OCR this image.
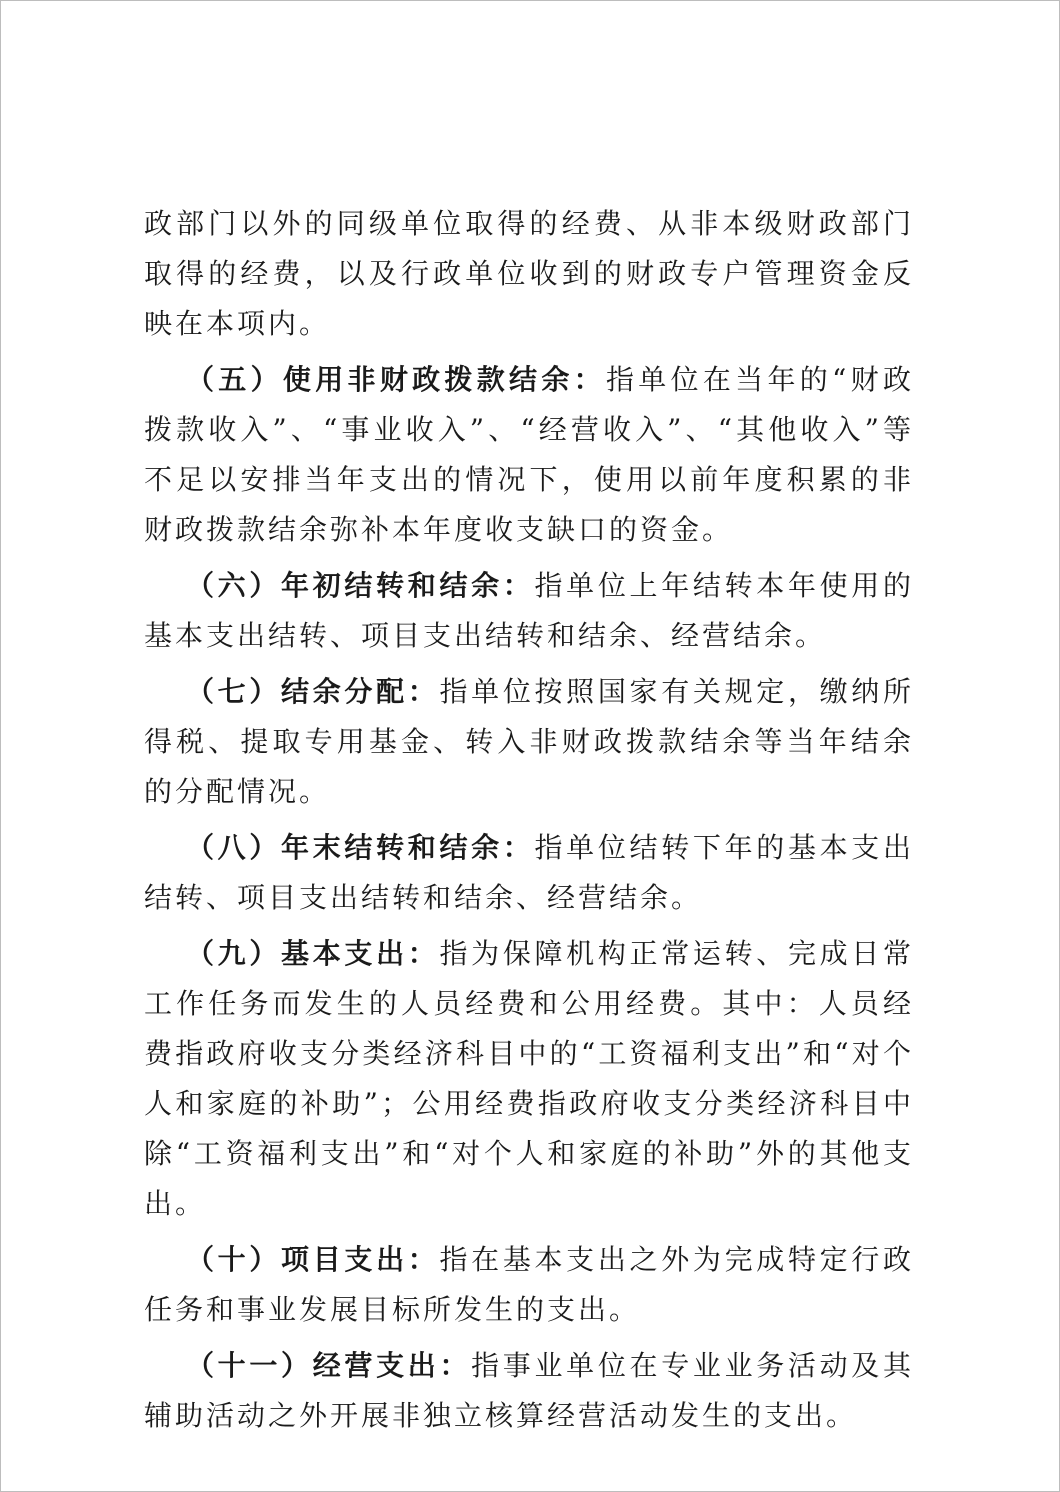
政部门以外的同级单位取得的经费、从非本级财政部门取得的经费，以及行政单位收到的财政专户管理资金反映在本项内。

（五）使用非财政拨款结余：指单位在当年的“财政拨款收入”、“事业收入”、“经营收入”、“其他收入”等不足以安排当年支出的情况下，使用以前年度积累的非财政拨款结余弥补本年度收支缺口的资金。

（六）年初结转和结余：指单位上年结转本年使用的基本支出结转、项目支出结转和结余、经营结余。

（七）结余分配：指单位按照国家有关规定，缴纳所得税、提取专用基金、转入非财政拨款结余等当年结余的分配情况。

（八）年末结转和结余：指单位结转下年的基本支出结转、项目支出结转和结余、经营结余。

（九）基本支出：指为保障机构正常运转、完成日常工作任务而发生的人员经费和公用经费。其中：人员经费指政府收支分类经济科目中的“工资福利支出”和“对个人和家庭的补助”；公用经费指政府收支分类经济科目中除“工资福利支出”和“对个人和家庭的补助”外的其他支出。

（十）项目支出：指在基本支出之外为完成特定行政任务和事业发展目标所发生的支出。

（十一）经营支出：指事业单位在专业业务活动及其辅助活动之外开展非独立核算经营活动发生的支出。
